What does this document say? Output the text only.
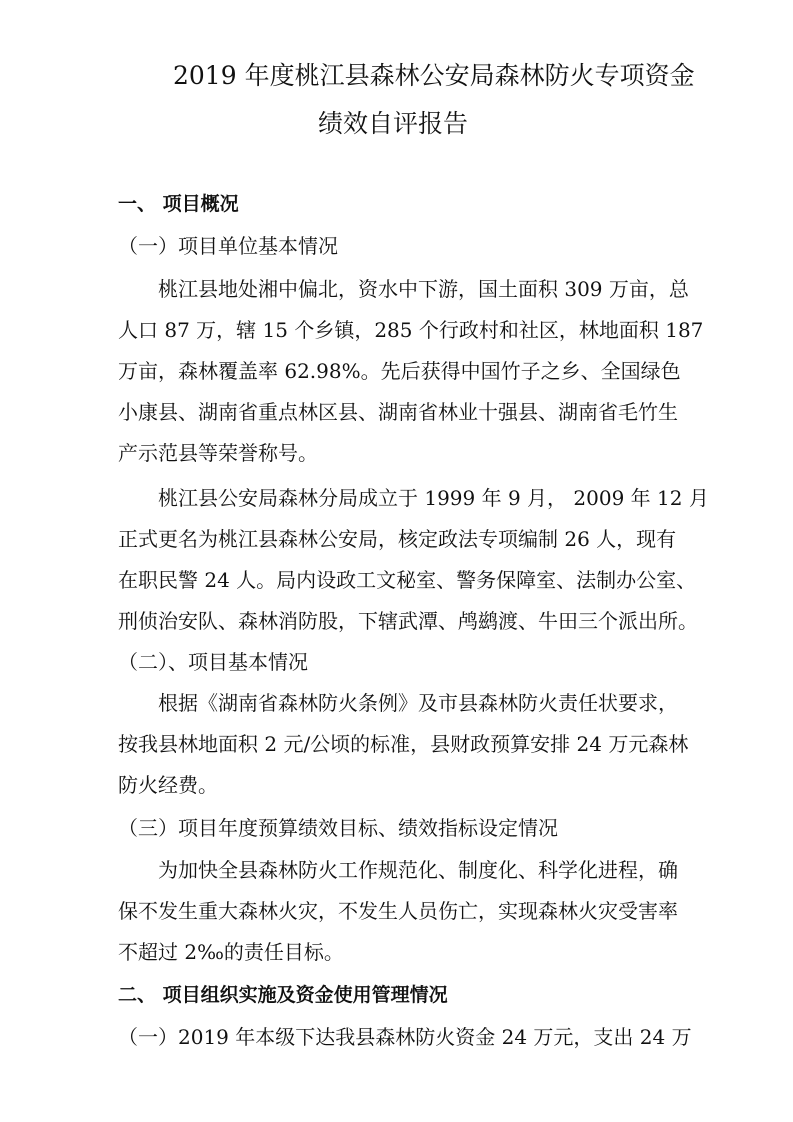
2019 年度桃江县森林公安局森林防火专项资金
绩效自评报告
一、 项目概况
（一）项目单位基本情况
桃江县地处湘中偏北，资水中下游，国土面积 309 万亩，总
人口 87 万，辖 15 个乡镇，285 个行政村和社区，林地面积 187
万亩，森林覆盖率 62.98%。先后获得中国竹子之乡、全国绿色
小康县、湖南省重点林区县、湖南省林业十强县、湖南省毛竹生
产示范县等荣誉称号。
桃江县公安局森林分局成立于 1999 年 9 月， 2009 年 12 月
正式更名为桃江县森林公安局，核定政法专项编制 26 人，现有
在职民警 24 人。局内设政工文秘室、警务保障室、法制办公室、
刑侦治安队、森林消防股，下辖武潭、鸬鹚渡、牛田三个派出所。
（二）、项目基本情况
根据《湖南省森林防火条例》及市县森林防火责任状要求，
按我县林地面积 2 元/公顷的标准，县财政预算安排 24 万元森林
防火经费。
（三）项目年度预算绩效目标、绩效指标设定情况
为加快全县森林防火工作规范化、制度化、科学化进程，确
保不发生重大森林火灾，不发生人员伤亡，实现森林火灾受害率
不超过 2‰的责任目标。
二、 项目组织实施及资金使用管理情况
（一）2019 年本级下达我县森林防火资金 24 万元，支出 24 万
